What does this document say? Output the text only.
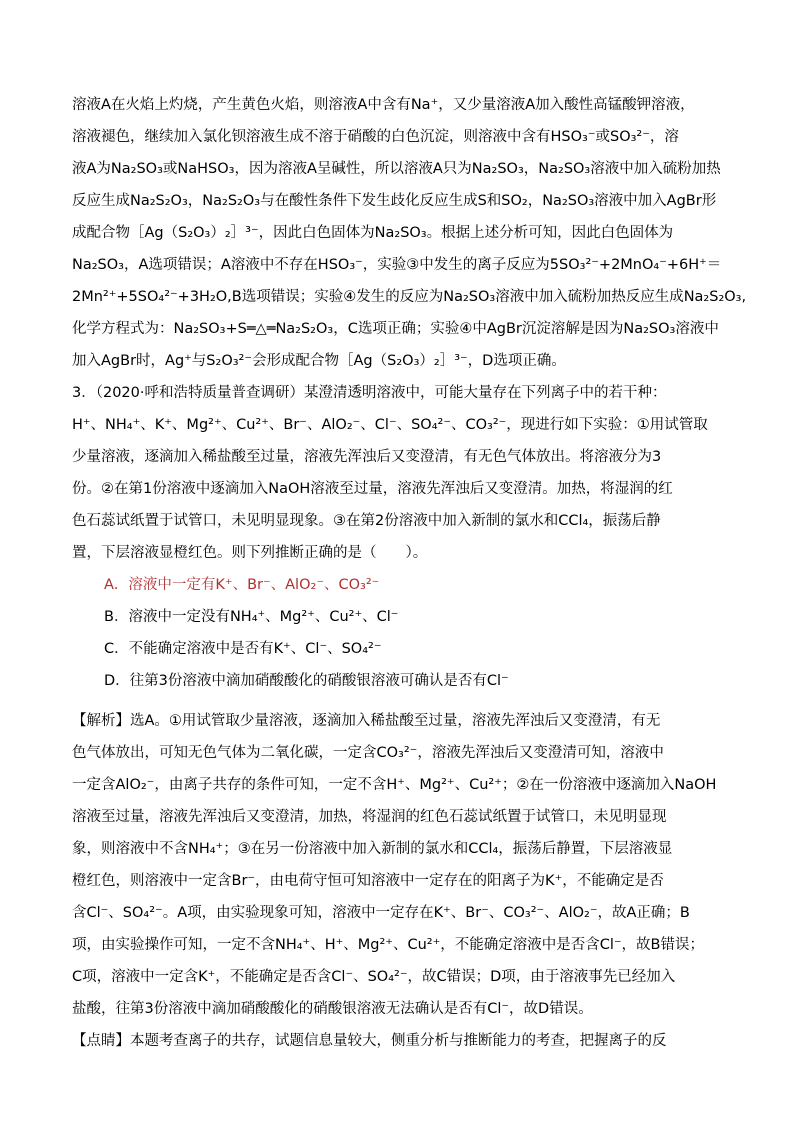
溶液A在火焰上灼烧，产生黄色火焰，则溶液A中含有Na⁺，又少量溶液A加入酸性高锰酸钾溶液，
溶液褪色，继续加入氯化钡溶液生成不溶于硝酸的白色沉淀，则溶液中含有HSO₃⁻或SO₃²⁻，溶
液A为Na₂SO₃或NaHSO₃，因为溶液A呈碱性，所以溶液A只为Na₂SO₃，Na₂SO₃溶液中加入硫粉加热
反应生成Na₂S₂O₃，Na₂S₂O₃与在酸性条件下发生歧化反应生成S和SO₂，Na₂SO₃溶液中加入AgBr形
成配合物［Ag（S₂O₃）₂］³⁻，因此白色固体为Na₂SO₃。根据上述分析可知，因此白色固体为
Na₂SO₃，A选项错误；A溶液中不存在HSO₃⁻，实验③中发生的离子反应为5SO₃²⁻+2MnO₄⁻+6H⁺＝
2Mn²⁺+5SO₄²⁻+3H₂O,B选项错误；实验④发生的反应为Na₂SO₃溶液中加入硫粉加热反应生成Na₂S₂O₃,
化学方程式为：Na₂SO₃+S═△═Na₂S₂O₃，C选项正确；实验④中AgBr沉淀溶解是因为Na₂SO₃溶液中
加入AgBr时，Ag⁺与S₂O₃²⁻会形成配合物［Ag（S₂O₃）₂］³⁻，D选项正确。
3．（2020·呼和浩特质量普查调研）某澄清透明溶液中，可能大量存在下列离子中的若干种：
H⁺、NH₄⁺、K⁺、Mg²⁺、Cu²⁺、Br⁻、AlO₂⁻、Cl⁻、SO₄²⁻、CO₃²⁻，现进行如下实验：①用试管取
少量溶液，逐滴加入稀盐酸至过量，溶液先浑浊后又变澄清，有无色气体放出。将溶液分为3
份。②在第1份溶液中逐滴加入NaOH溶液至过量，溶液先浑浊后又变澄清。加热，将湿润的红
色石蕊试纸置于试管口，未见明显现象。③在第2份溶液中加入新制的氯水和CCl₄，振荡后静
置，下层溶液显橙红色。则下列推断正确的是（　　）。
A．溶液中一定有K⁺、Br⁻、AlO₂⁻、CO₃²⁻
B．溶液中一定没有NH₄⁺、Mg²⁺、Cu²⁺、Cl⁻
C．不能确定溶液中是否有K⁺、Cl⁻、SO₄²⁻
D．往第3份溶液中滴加硝酸酸化的硝酸银溶液可确认是否有Cl⁻
【解析】选A。①用试管取少量溶液，逐滴加入稀盐酸至过量，溶液先浑浊后又变澄清，有无
色气体放出，可知无色气体为二氧化碳，一定含CO₃²⁻，溶液先浑浊后又变澄清可知，溶液中
一定含AlO₂⁻，由离子共存的条件可知，一定不含H⁺、Mg²⁺、Cu²⁺；②在一份溶液中逐滴加入NaOH
溶液至过量，溶液先浑浊后又变澄清，加热，将湿润的红色石蕊试纸置于试管口，未见明显现
象，则溶液中不含NH₄⁺；③在另一份溶液中加入新制的氯水和CCl₄，振荡后静置，下层溶液显
橙红色，则溶液中一定含Br⁻，由电荷守恒可知溶液中一定存在的阳离子为K⁺，不能确定是否
含Cl⁻、SO₄²⁻。A项，由实验现象可知，溶液中一定存在K⁺、Br⁻、CO₃²⁻、AlO₂⁻，故A正确；B
项，由实验操作可知，一定不含NH₄⁺、H⁺、Mg²⁺、Cu²⁺，不能确定溶液中是否含Cl⁻，故B错误；
C项，溶液中一定含K⁺，不能确定是否含Cl⁻、SO₄²⁻，故C错误；D项，由于溶液事先已经加入
盐酸，往第3份溶液中滴加硝酸酸化的硝酸银溶液无法确认是否有Cl⁻，故D错误。
【点睛】本题考查离子的共存，试题信息量较大，侧重分析与推断能力的考查，把握离子的反
